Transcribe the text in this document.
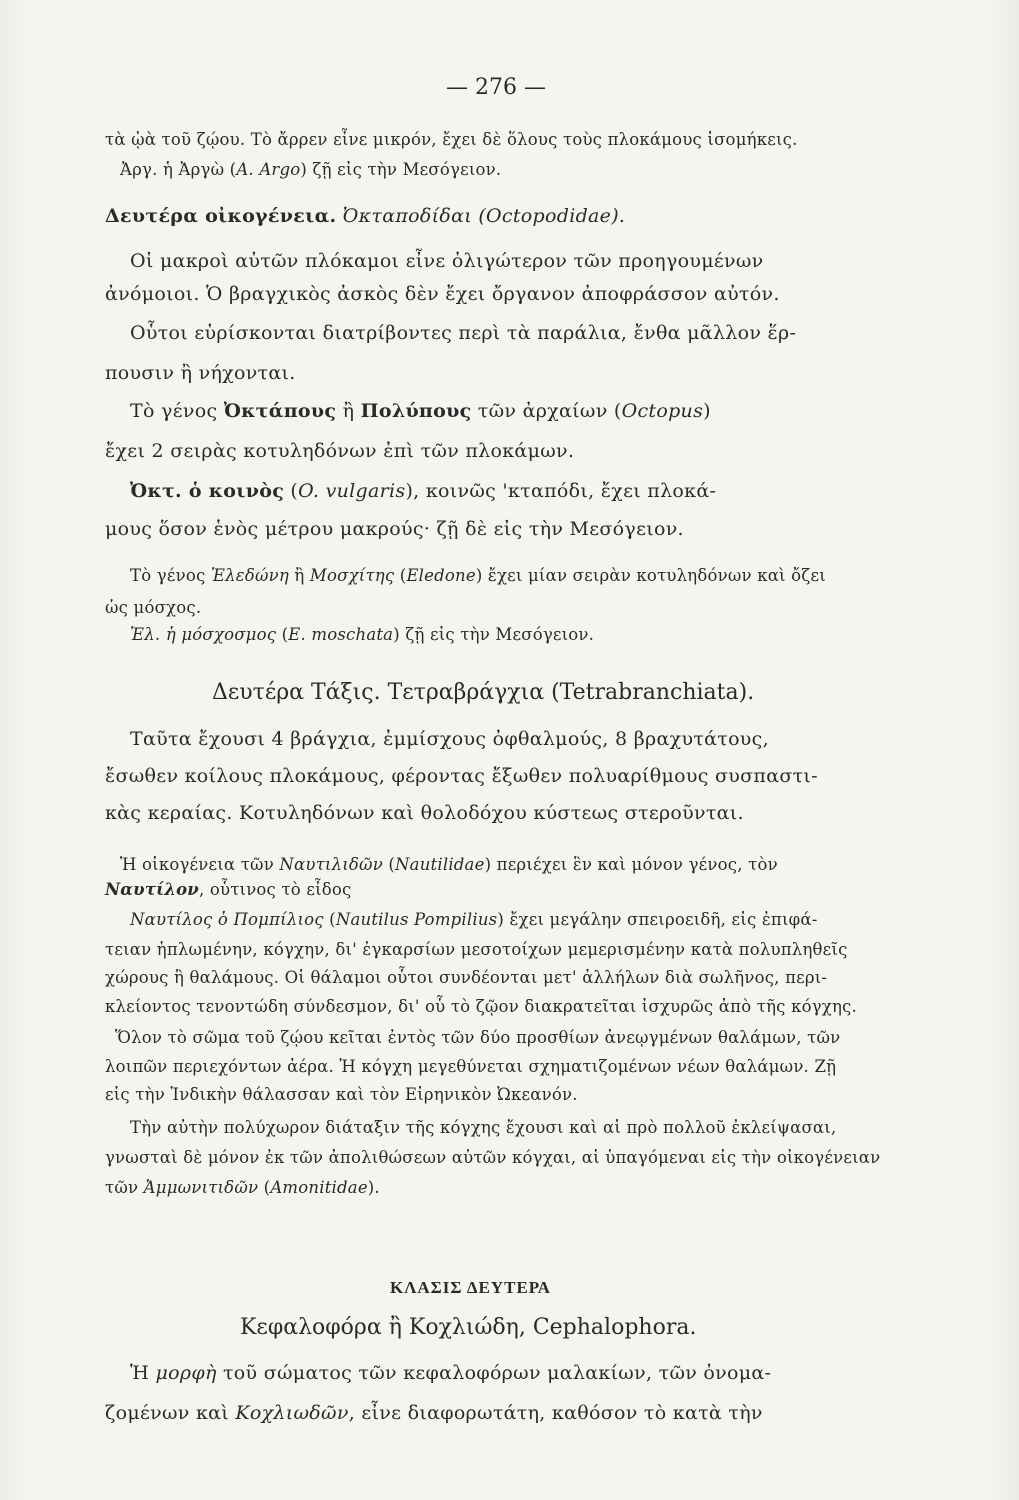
— 276 —
τὰ ᾠὰ τοῦ ζῴου. Τὸ ἄρρεν εἶνε μικρόν, ἔχει δὲ ὅλους τοὺς πλοκάμους ἰσομήκεις.
Ἀργ. ἡ Ἀργὼ (A. Argo) ζῇ εἰς τὴν Μεσόγειον.
Δευτέρα οἰκογένεια. Ὀκταποδίδαι (Octopodidae).
Οἱ μακροὶ αὐτῶν πλόκαμοι εἶνε ὀλιγώτερον τῶν προηγουμένων
ἀνόμοιοι. Ὁ βραγχικὸς ἀσκὸς δὲν ἔχει ὄργανον ἀποφράσσον αὐτόν.
Οὗτοι εὑρίσκονται διατρίβοντες περὶ τὰ παράλια, ἔνθα μᾶλλον ἕρ-
πουσιν ἢ νήχονται.
Τὸ γένος Ὀκτάπους ἢ Πολύπους τῶν ἀρχαίων (Octopus)
ἔχει 2 σειρὰς κοτυληδόνων ἐπὶ τῶν πλοκάμων.
Ὀκτ. ὁ κοινὸς (O. vulgaris), κοινῶς 'κταπόδι, ἔχει πλοκά-
μους ὅσον ἑνὸς μέτρου μακρούς· ζῇ δὲ εἰς τὴν Μεσόγειον.
Τὸ γένος Ἐλεδώνη ἢ Μοσχίτης (Eledone) ἔχει μίαν σειρὰν κοτυληδόνων καὶ ὄζει
ὡς μόσχος.
Ἐλ. ἡ μόσχοσμος (E. moschata) ζῇ εἰς τὴν Μεσόγειον.
Δευτέρα Τάξις. Τετραβράγχια (Tetrabranchiata).
Ταῦτα ἔχουσι 4 βράγχια, ἐμμίσχους ὀφθαλμούς, 8 βραχυτάτους,
ἔσωθεν κοίλους πλοκάμους, φέροντας ἔξωθεν πολυαρίθμους συσπαστι-
κὰς κεραίας. Κοτυληδόνων καὶ θολοδόχου κύστεως στεροῦνται.
Ἡ οἰκογένεια τῶν Ναυτιλιδῶν (Nautilidae) περιέχει ἓν καὶ μόνον γένος, τὸν
Ναυτίλον, οὗτινος τὸ εἶδος
Ναυτίλος ὁ Πομπίλιος (Nautilus Pompilius) ἔχει μεγάλην σπειροειδῆ, εἰς ἐπιφά-
τειαν ἡπλωμένην, κόγχην, δι' ἐγκαρσίων μεσοτοίχων μεμερισμένην κατὰ πολυπληθεῖς
χώρους ἢ θαλάμους. Οἱ θάλαμοι οὗτοι συνδέονται μετ' ἀλλήλων διὰ σωλῆνος, περι-
κλείοντος τενοντώδη σύνδεσμον, δι' οὗ τὸ ζῷον διακρατεῖται ἰσχυρῶς ἀπὸ τῆς κόγχης.
Ὅλον τὸ σῶμα τοῦ ζῴου κεῖται ἐντὸς τῶν δύο προσθίων ἀνεῳγμένων θαλάμων, τῶν
λοιπῶν περιεχόντων ἀέρα. Ἡ κόγχη μεγεθύνεται σχηματιζομένων νέων θαλάμων. Ζῇ
εἰς τὴν Ἰνδικὴν θάλασσαν καὶ τὸν Εἰρηνικὸν Ὠκεανόν.
Τὴν αὐτὴν πολύχωρον διάταξιν τῆς κόγχης ἔχουσι καὶ αἱ πρὸ πολλοῦ ἐκλείψασαι,
γνωσταὶ δὲ μόνον ἐκ τῶν ἀπολιθώσεων αὐτῶν κόγχαι, αἱ ὑπαγόμεναι εἰς τὴν οἰκογένειαν
τῶν Ἀμμωνιτιδῶν (Amonitidae).
ΚΛΑΣΙΣ ΔΕΥΤΕΡΑ
Κεφαλοφόρα ἢ Κοχλιώδη, Cephalophora.
Ἡ μορφὴ τοῦ σώματος τῶν κεφαλοφόρων μαλακίων, τῶν ὀνομα-
ζομένων καὶ Κοχλιωδῶν, εἶνε διαφορωτάτη, καθόσον τὸ κατὰ τὴν
